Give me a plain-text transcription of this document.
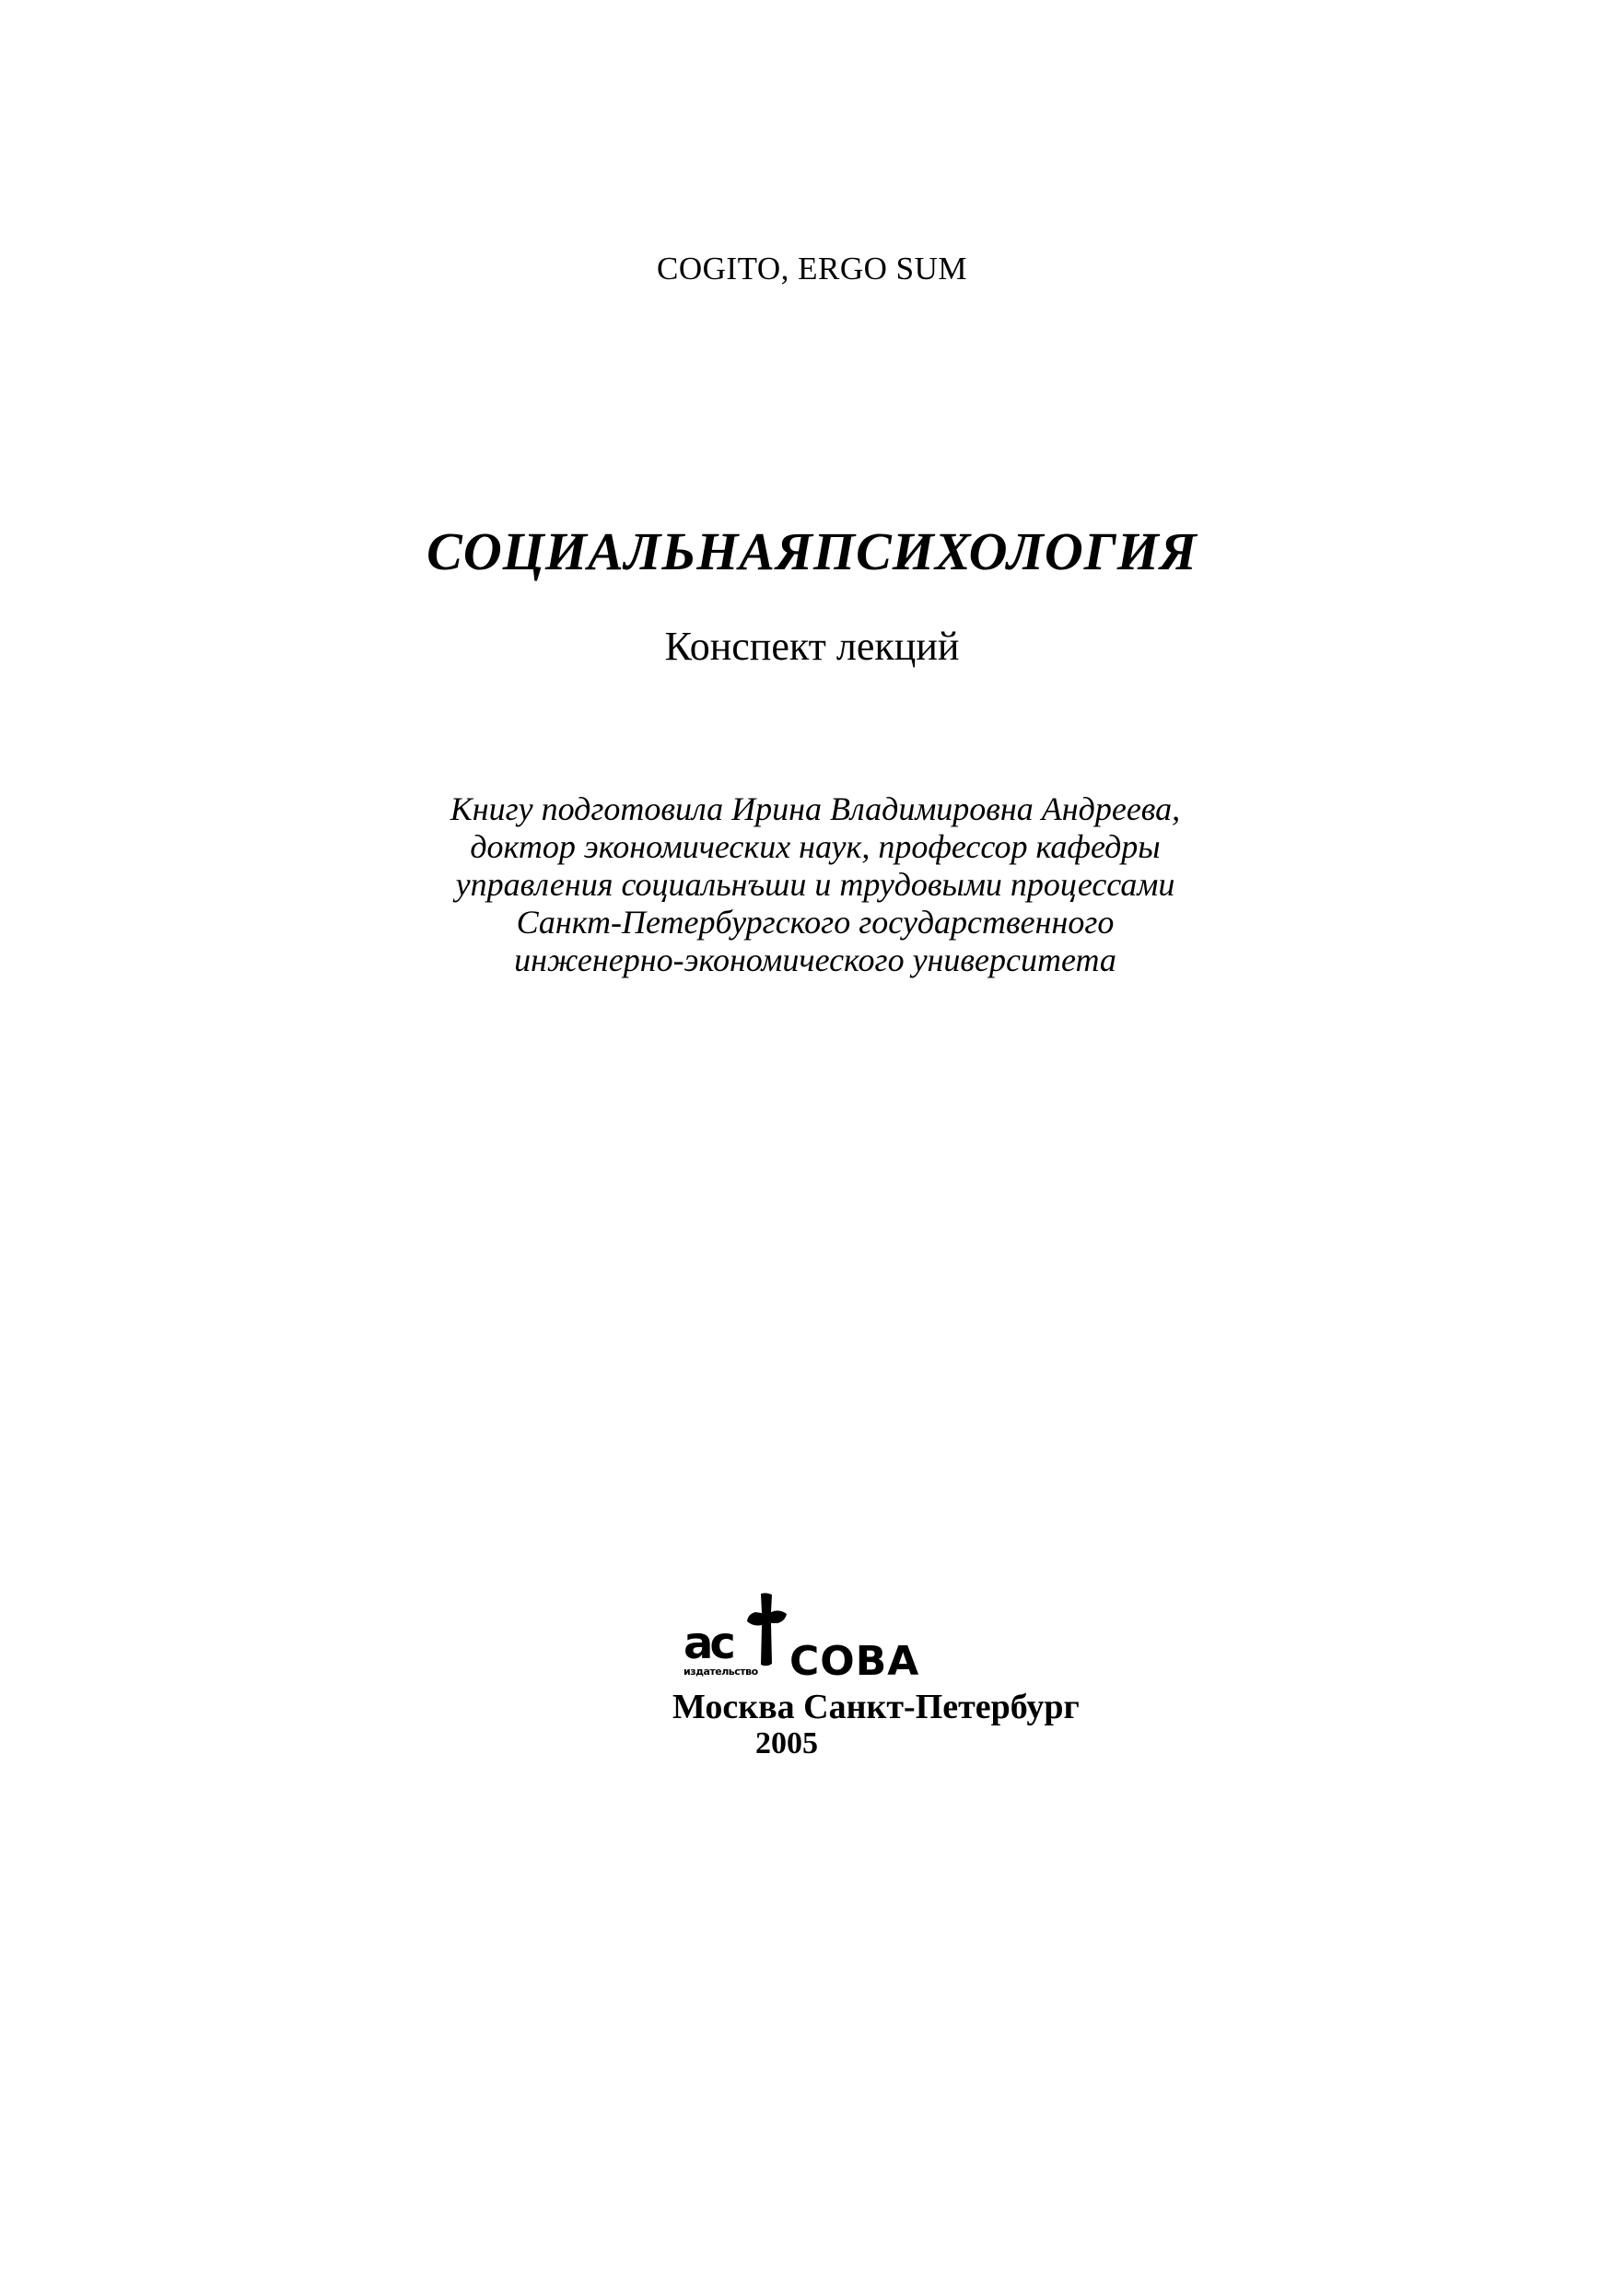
COGITO, ERGO SUM
СОЦИАЛЬНАЯПСИХОЛОГИЯ
Конспект лекций
Книгу подготовила Ирина Владимировна Андреева,
доктор экономических наук, профессор кафедры
управления социальнъши и трудовыми процессами
Санкт-Петербургского государственного
инженерно-экономического университета
ac
издательство СОВА
Москва Санкт-Петербург
2005
